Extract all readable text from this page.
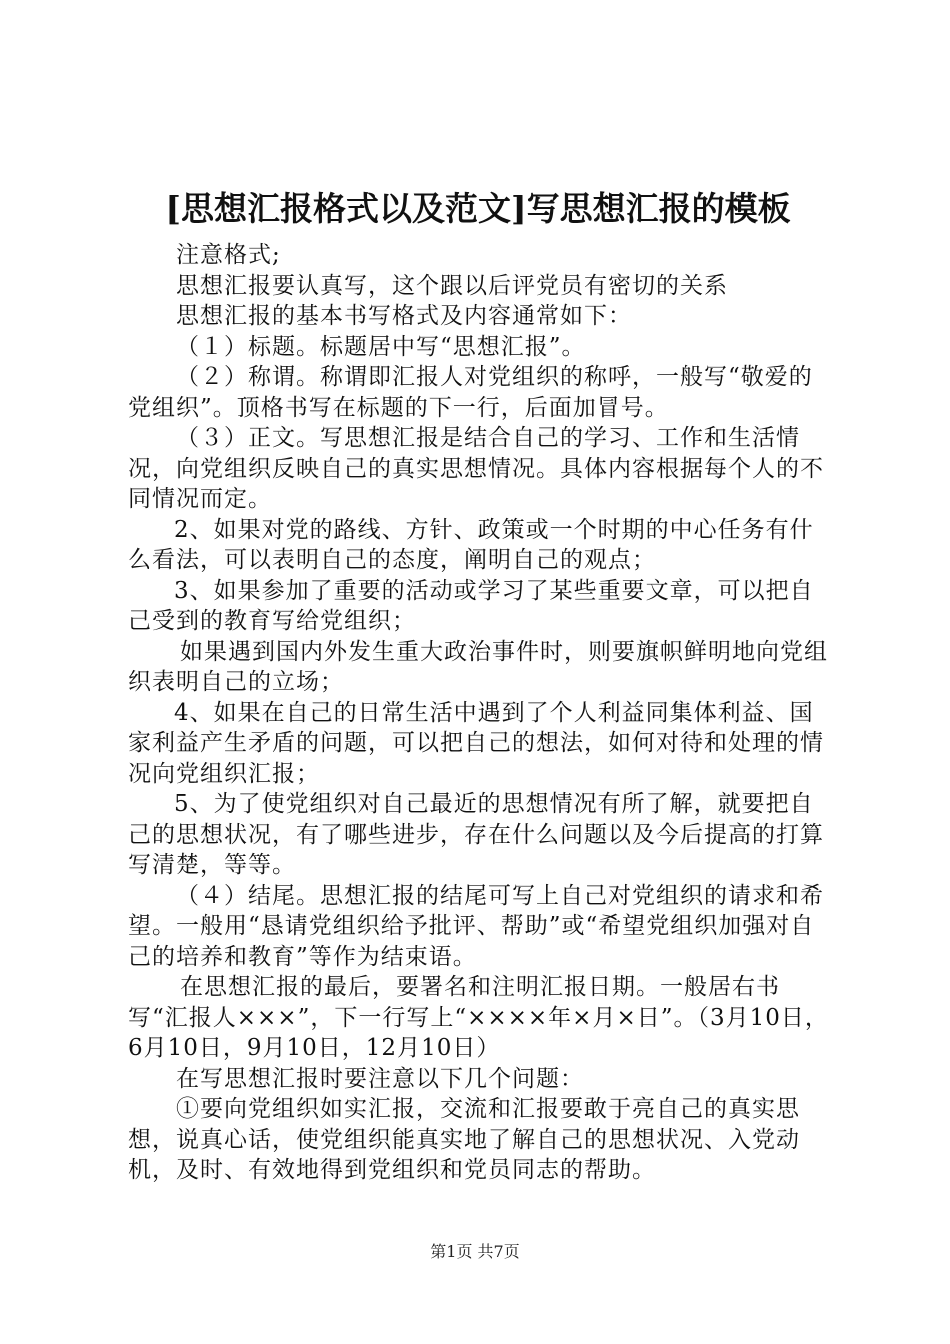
[思想汇报格式以及范文]写思想汇报的模板

注意格式;

思想汇报要认真写，这个跟以后评党员有密切的关系

思想汇报的基本书写格式及内容通常如下：

（１）标题。标题居中写“思想汇报”。

（２）称谓。称谓即汇报人对党组织的称呼，一般写“敬爱的党组织”。顶格书写在标题的下一行，后面加冒号。

（３）正文。写思想汇报是结合自己的学习、工作和生活情况，向党组织反映自己的真实思想情况。具体内容根据每个人的不同情况而定。

2、如果对党的路线、方针、政策或一个时期的中心任务有什么看法，可以表明自己的态度，阐明自己的观点；

3、如果参加了重要的活动或学习了某些重要文章，可以把自己受到的教育写给党组织；

如果遇到国内外发生重大政治事件时，则要旗帜鲜明地向党组织表明自己的立场；

4、如果在自己的日常生活中遇到了个人利益同集体利益、国家利益产生矛盾的问题，可以把自己的想法，如何对待和处理的情况向党组织汇报；

5、为了使党组织对自己最近的思想情况有所了解，就要把自己的思想状况，有了哪些进步，存在什么问题以及今后提高的打算写清楚，等等。

（４）结尾。思想汇报的结尾可写上自己对党组织的请求和希望。一般用“恳请党组织给予批评、帮助”或“希望党组织加强对自己的培养和教育”等作为结束语。

在思想汇报的最后，要署名和注明汇报日期。一般居右书写“汇报人×××”，下一行写上“××××年×月×日”。（3月10日，6月10日，9月10日，12月10日）

在写思想汇报时要注意以下几个问题：

①要向党组织如实汇报，交流和汇报要敢于亮自己的真实思想，说真心话，使党组织能真实地了解自己的思想状况、入党动机，及时、有效地得到党组织和党员同志的帮助。

第1页 共7页
